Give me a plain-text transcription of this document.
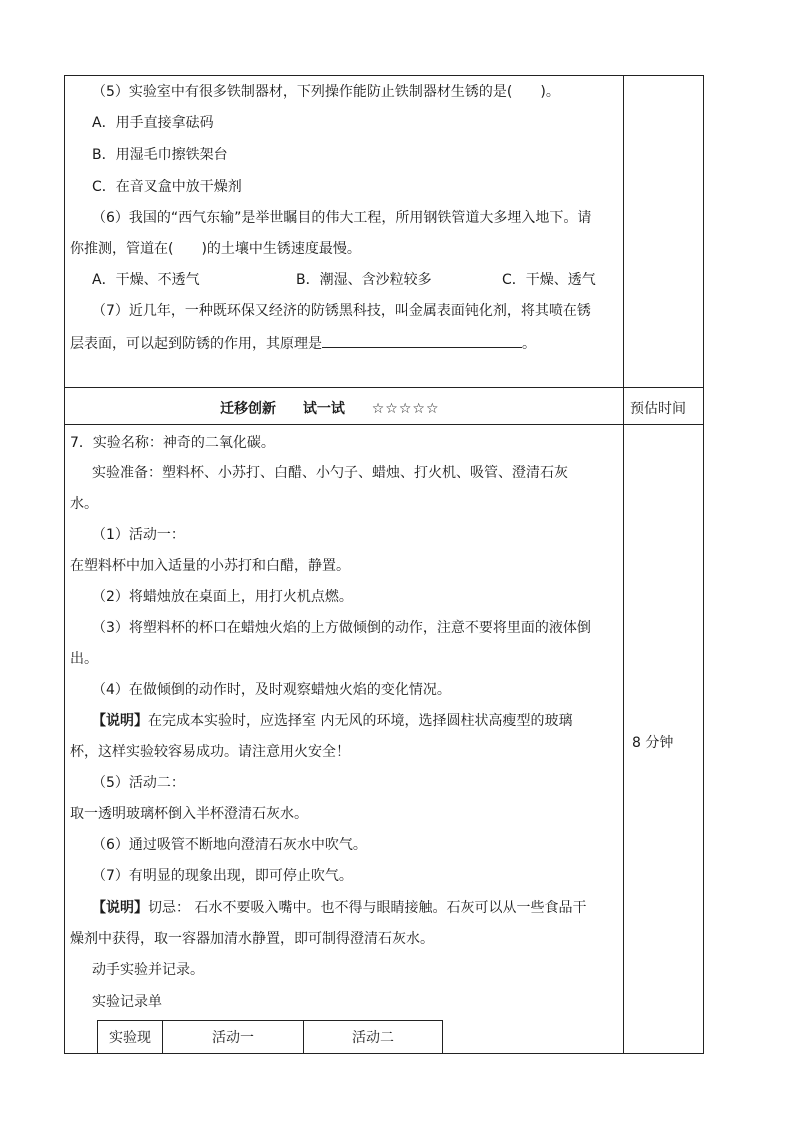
（5）实验室中有很多铁制器材，下列操作能防止铁制器材生锈的是(　　)。
A．用手直接拿砝码
B．用湿毛巾擦铁架台
C．在音叉盒中放干燥剂
（6）我国的“西气东输”是举世瞩目的伟大工程，所用钢铁管道大多埋入地下。请
你推测，管道在(　　)的土壤中生锈速度最慢。
A．干燥、不透气	B．潮湿、含沙粒较多	C．干燥、透气
（7）近几年，一种既环保又经济的防锈黑科技，叫金属表面钝化剂，将其喷在锈
层表面，可以起到防锈的作用，其原理是	。
迁移创新 试一试 ☆☆☆☆☆	预估时间
8 分钟
7．实验名称：神奇的二氧化碳。
实验准备：塑料杯、小苏打、白醋、小勺子、蜡烛、打火机、吸管、澄清石灰
水。
（1）活动一：
在塑料杯中加入适量的小苏打和白醋，静置。
（2）将蜡烛放在桌面上，用打火机点燃。
（3）将塑料杯的杯口在蜡烛火焰的上方做倾倒的动作，注意不要将里面的液体倒
出。
（4）在做倾倒的动作时，及时观察蜡烛火焰的变化情况。
【说明】在完成本实验时，应选择室 内无风的环境，选择圆柱状高瘦型的玻璃
杯，这样实验较容易成功。请注意用火安全！
（5）活动二：
取一透明玻璃杯倒入半杯澄清石灰水。
（6）通过吸管不断地向澄清石灰水中吹气。
（7）有明显的现象出现，即可停止吹气。
【说明】切忌： 石水不要吸入嘴中。也不得与眼睛接触。石灰可以从一些食品干
燥剂中获得，取一容器加清水静置，即可制得澄清石灰水。
动手实验并记录。
实验记录单
实验现	活动一	活动二
